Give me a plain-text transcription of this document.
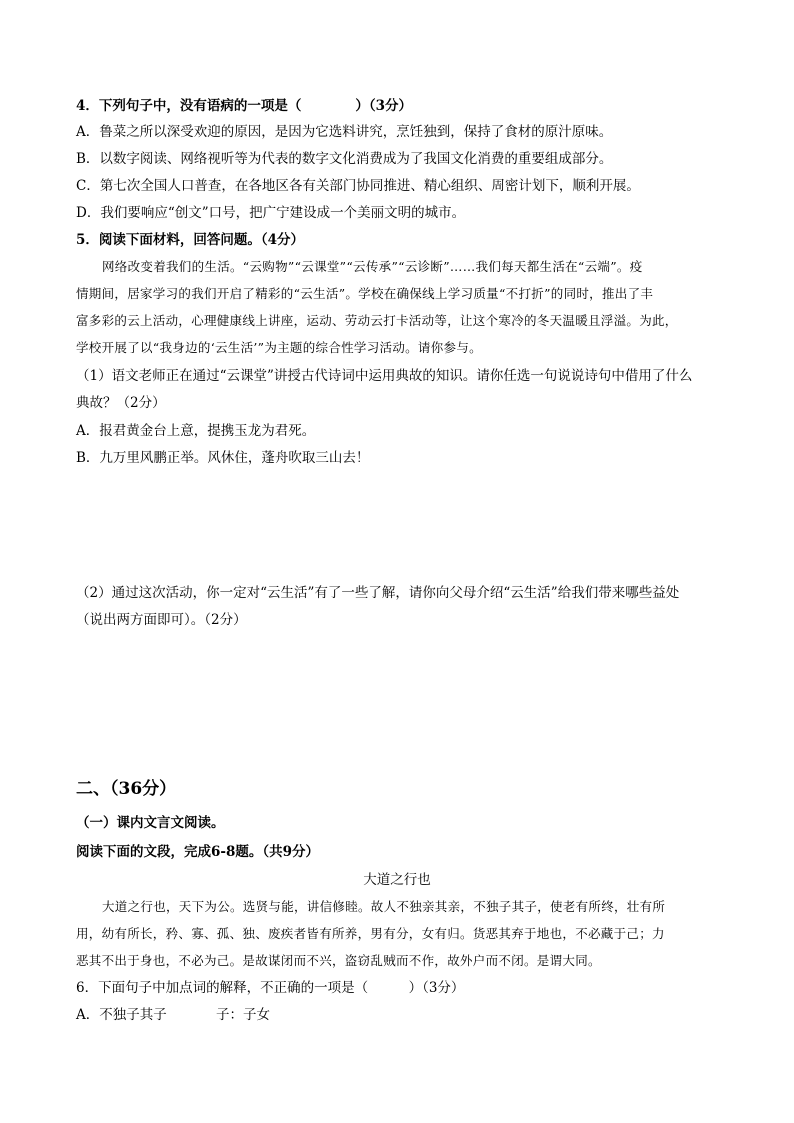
4．下列句子中，没有语病的一项是（　　　　）（3分）
A．鲁菜之所以深受欢迎的原因，是因为它选料讲究，烹饪独到，保持了食材的原汁原味。
B．以数字阅读、网络视听等为代表的数字文化消费成为了我国文化消费的重要组成部分。
C．第七次全国人口普查，在各地区各有关部门协同推进、精心组织、周密计划下，顺利开展。
D．我们要响应“创文”口号，把广宁建设成一个美丽文明的城市。
5．阅读下面材料，回答问题。（4分）
网络改变着我们的生活。“云购物”“云课堂”“云传承”“云诊断”……我们每天都生活在“云端”。疫
情期间，居家学习的我们开启了精彩的“云生活”。学校在确保线上学习质量“不打折”的同时，推出了丰
富多彩的云上活动，心理健康线上讲座，运动、劳动云打卡活动等，让这个寒冷的冬天温暖且浮溢。为此，
学校开展了以“我身边的‘云生活’”为主题的综合性学习活动。请你参与。
（1）语文老师正在通过“云课堂”讲授古代诗词中运用典故的知识。请你任选一句说说诗句中借用了什么
典故？（2分）
A．报君黄金台上意，提携玉龙为君死。
B．九万里风鹏正举。风休住，蓬舟吹取三山去！
（2）通过这次活动，你一定对“云生活”有了一些了解，请你向父母介绍“云生活”给我们带来哪些益处
（说出两方面即可）。（2分）
二、（36分）
（一）课内文言文阅读。
阅读下面的文段，完成6-8题。（共9分）
大道之行也
大道之行也，天下为公。选贤与能，讲信修睦。故人不独亲其亲，不独子其子，使老有所终，壮有所
用，幼有所长，矜、寡、孤、独、废疾者皆有所养，男有分，女有归。货恶其弃于地也，不必藏于己；力
恶其不出于身也，不必为己。是故谋闭而不兴，盗窃乱贼而不作，故外户而不闭。是谓大同。
6．下面句子中加点词的解释，不正确的一项是（　　　）（3分）
A．不独子其子	子：子女
